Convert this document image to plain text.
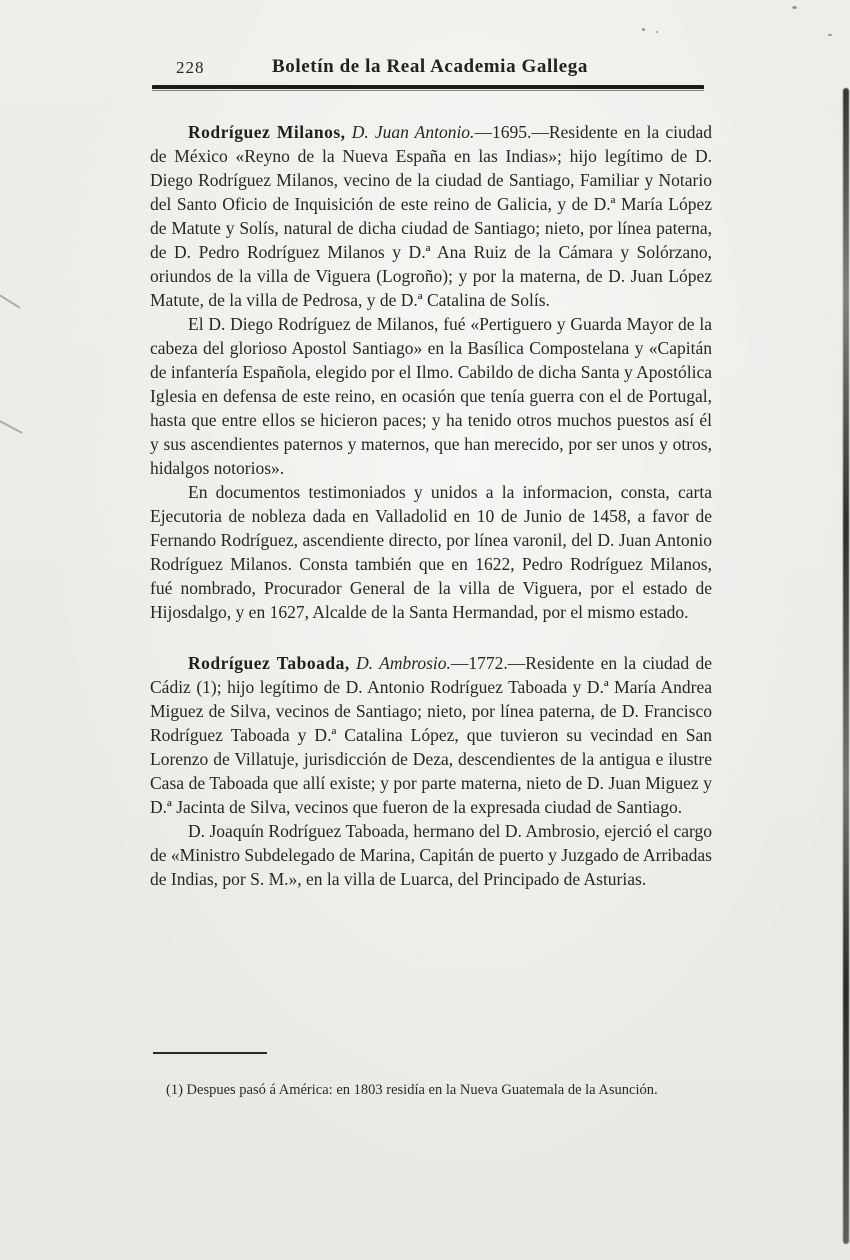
228	Boletín de la Real Academia Gallega

Rodríguez Milanos, D. Juan Antonio.—1695.—Residente en la ciudad de México «Reyno de la Nueva España en las Indias»; hijo legítimo de D. Diego Rodríguez Milanos, vecino de la ciudad de Santiago, Familiar y Notario del Santo Oficio de Inquisición de este reino de Galicia, y de D.ª María López de Matute y Solís, natural de dicha ciudad de Santiago; nieto, por línea paterna, de D. Pedro Rodríguez Milanos y D.ª Ana Ruiz de la Cámara y Solórzano, oriundos de la villa de Viguera (Logroño); y por la materna, de D. Juan López Matute, de la villa de Pedrosa, y de D.ª Catalina de Solís.

El D. Diego Rodríguez de Milanos, fué «Pertiguero y Guarda Mayor de la cabeza del glorioso Apostol Santiago» en la Basílica Compostelana y «Capitán de infantería Española, elegido por el Ilmo. Cabildo de dicha Santa y Apostólica Iglesia en defensa de este reino, en ocasión que tenía guerra con el de Portugal, hasta que entre ellos se hicieron paces; y ha tenido otros muchos puestos así él y sus ascendientes paternos y maternos, que han merecido, por ser unos y otros, hidalgos notorios».

En documentos testimoniados y unidos a la informacion, consta, carta Ejecutoria de nobleza dada en Valladolid en 10 de Junio de 1458, a favor de Fernando Rodríguez, ascendiente directo, por línea varonil, del D. Juan Antonio Rodríguez Milanos. Consta también que en 1622, Pedro Rodríguez Milanos, fué nombrado, Procurador General de la villa de Viguera, por el estado de Hijosdalgo, y en 1627, Alcalde de la Santa Hermandad, por el mismo estado.

Rodríguez Taboada, D. Ambrosio.—1772.—Residente en la ciudad de Cádiz (1); hijo legítimo de D. Antonio Rodríguez Taboada y D.ª María Andrea Miguez de Silva, vecinos de Santiago; nieto, por línea paterna, de D. Francisco Rodríguez Taboada y D.ª Catalina López, que tuvieron su vecindad en San Lorenzo de Villatuje, jurisdicción de Deza, descendientes de la antigua e ilustre Casa de Taboada que allí existe; y por parte materna, nieto de D. Juan Miguez y D.ª Jacinta de Silva, vecinos que fueron de la expresada ciudad de Santiago.

D. Joaquín Rodríguez Taboada, hermano del D. Ambrosio, ejerció el cargo de «Ministro Subdelegado de Marina, Capitán de puerto y Juzgado de Arribadas de Indias, por S. M.», en la villa de Luarca, del Principado de Asturias.

(1) Despues pasó á América: en 1803 residía en la Nueva Guatemala de la Asunción.
